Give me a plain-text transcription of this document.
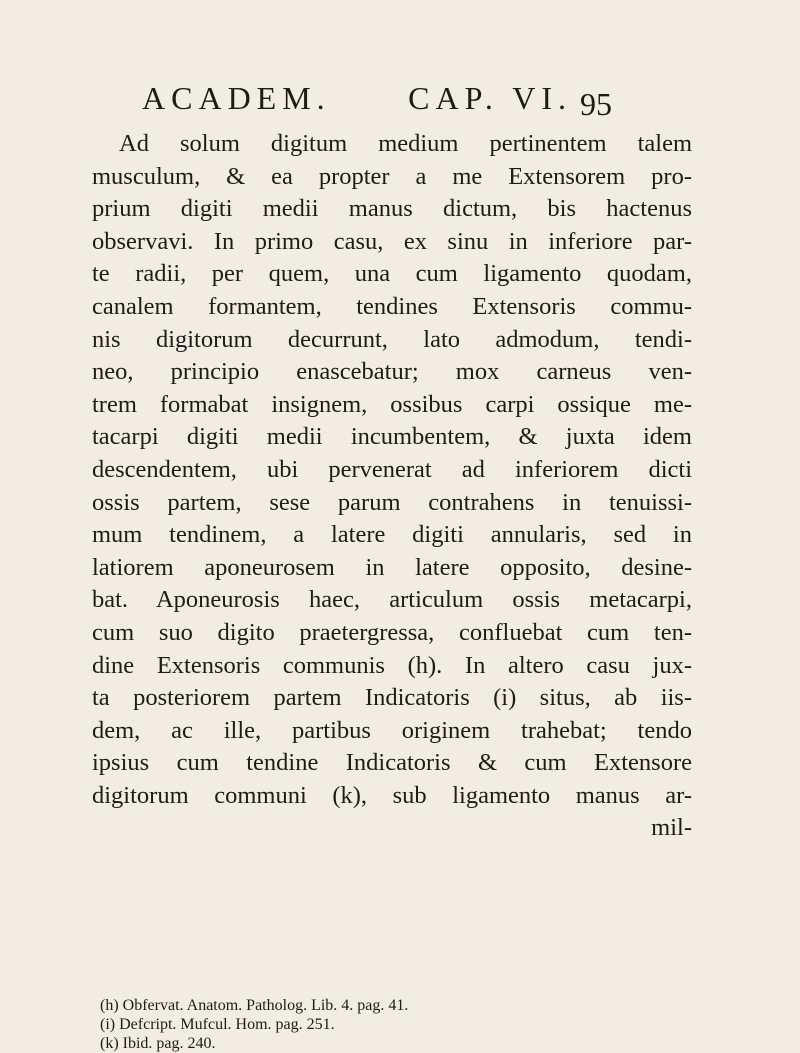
ACADEM. CAP. VI. 95
Ad solum digitum medium pertinentem talem
musculum, & ea propter a me Extensorem pro-
prium digiti medii manus dictum, bis hactenus
observavi. In primo casu, ex sinu in inferiore par-
te radii, per quem, una cum ligamento quodam,
canalem formantem, tendines Extensoris commu-
nis digitorum decurrunt, lato admodum, tendi-
neo, principio enascebatur; mox carneus ven-
trem formabat insignem, ossibus carpi ossique me-
tacarpi digiti medii incumbentem, & juxta idem
descendentem, ubi pervenerat ad inferiorem dicti
ossis partem, sese parum contrahens in tenuissi-
mum tendinem, a latere digiti annularis, sed in
latiorem aponeurosem in latere opposito, desine-
bat. Aponeurosis haec, articulum ossis metacarpi,
cum suo digito praetergressa, confluebat cum ten-
dine Extensoris communis (h). In altero casu jux-
ta posteriorem partem Indicatoris (i) situs, ab iis-
dem, ac ille, partibus originem trahebat; tendo
ipsius cum tendine Indicatoris & cum Extensore
digitorum communi (k), sub ligamento manus ar-
mil-
(h) Obfervat. Anatom. Patholog. Lib. 4. pag. 41.
(i) Defcript. Mufcul. Hom. pag. 251.
(k) Ibid. pag. 240.
